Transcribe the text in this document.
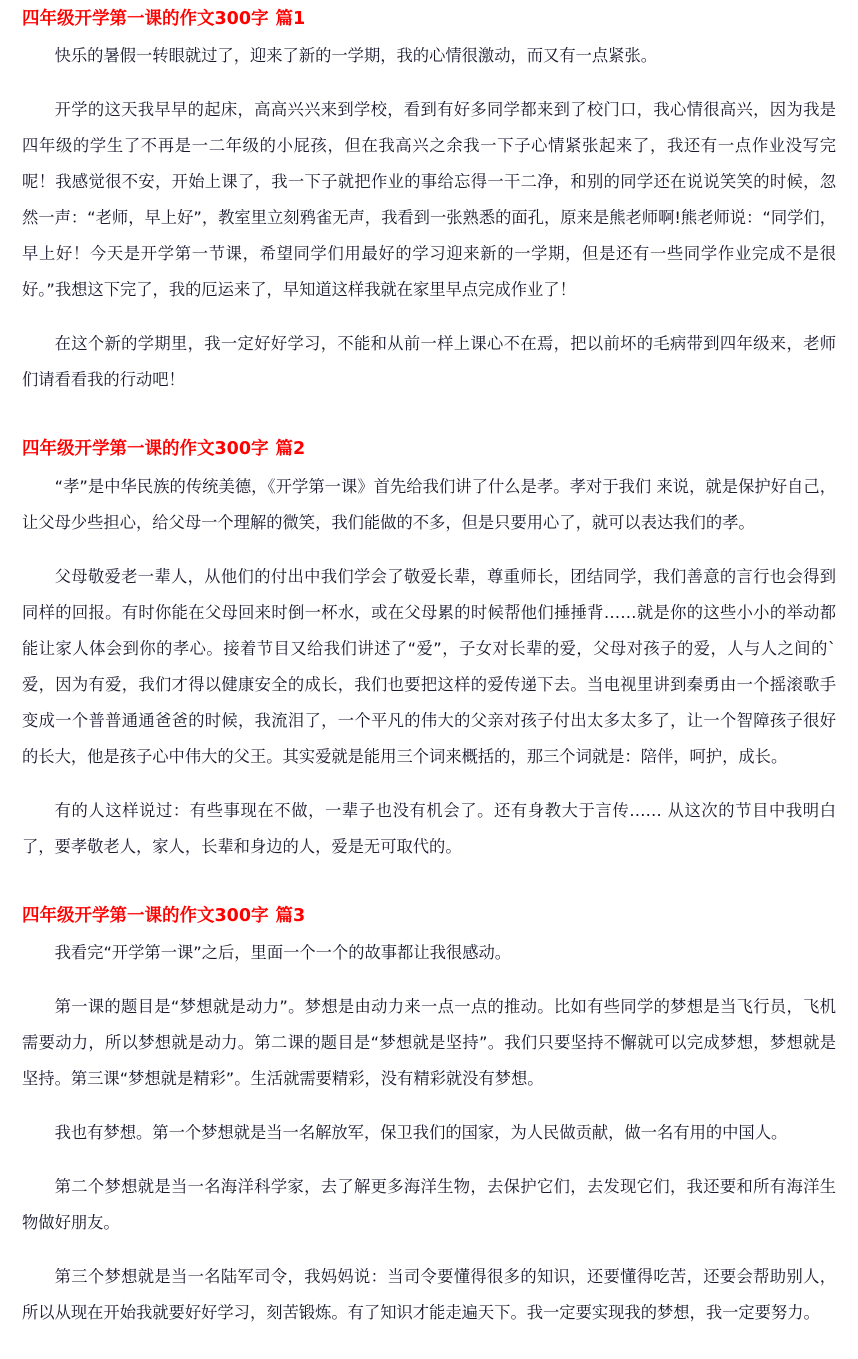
四年级开学第一课的作文300字 篇1

快乐的暑假一转眼就过了，迎来了新的一学期，我的心情很激动，而又有一点紧张。

开学的这天我早早的起床，高高兴兴来到学校，看到有好多同学都来到了校门口，我心情很高兴，因为我是四年级的学生了不再是一二年级的小屁孩，但在我高兴之余我一下子心情紧张起来了，我还有一点作业没写完呢！我感觉很不安，开始上课了，我一下子就把作业的事给忘得一干二净，和别的同学还在说说笑笑的时候，忽然一声：“老师，早上好”，教室里立刻鸦雀无声，我看到一张熟悉的面孔，原来是熊老师啊!熊老师说：“同学们，早上好！今天是开学第一节课，希望同学们用最好的学习迎来新的一学期，但是还有一些同学作业完成不是很好。”我想这下完了，我的厄运来了，早知道这样我就在家里早点完成作业了！

在这个新的学期里，我一定好好学习，不能和从前一样上课心不在焉，把以前坏的毛病带到四年级来，老师们请看看我的行动吧！

四年级开学第一课的作文300字 篇2

“孝”是中华民族的传统美德，《开学第一课》首先给我们讲了什么是孝。孝对于我们 来说，就是保护好自己，让父母少些担心，给父母一个理解的微笑，我们能做的不多，但是只要用心了，就可以表达我们的孝。

父母敬爱老一辈人，从他们的付出中我们学会了敬爱长辈，尊重师长，团结同学，我们善意的言行也会得到同样的回报。有时你能在父母回来时倒一杯水，或在父母累的时候帮他们捶捶背……就是你的这些小小的举动都能让家人体会到你的孝心。接着节目又给我们讲述了“爱”，子女对长辈的爱，父母对孩子的爱，人与人之间的`爱，因为有爱，我们才得以健康安全的成长，我们也要把这样的爱传递下去。当电视里讲到秦勇由一个摇滚歌手变成一个普普通通爸爸的时候，我流泪了，一个平凡的伟大的父亲对孩子付出太多太多了，让一个智障孩子很好的长大，他是孩子心中伟大的父王。其实爱就是能用三个词来概括的，那三个词就是：陪伴，呵护，成长。

有的人这样说过：有些事现在不做，一辈子也没有机会了。还有身教大于言传…… 从这次的节目中我明白了，要孝敬老人，家人，长辈和身边的人，爱是无可取代的。

四年级开学第一课的作文300字 篇3

我看完“开学第一课”之后，里面一个一个的故事都让我很感动。

第一课的题目是“梦想就是动力”。梦想是由动力来一点一点的推动。比如有些同学的梦想是当飞行员，飞机需要动力，所以梦想就是动力。第二课的题目是“梦想就是坚持”。我们只要坚持不懈就可以完成梦想，梦想就是坚持。第三课“梦想就是精彩”。生活就需要精彩，没有精彩就没有梦想。

我也有梦想。第一个梦想就是当一名解放军，保卫我们的国家，为人民做贡献，做一名有用的中国人。

第二个梦想就是当一名海洋科学家，去了解更多海洋生物，去保护它们，去发现它们，我还要和所有海洋生物做好朋友。

第三个梦想就是当一名陆军司令，我妈妈说：当司令要懂得很多的知识，还要懂得吃苦，还要会帮助别人，所以从现在开始我就要好好学习，刻苦锻炼。有了知识才能走遍天下。我一定要实现我的梦想，我一定要努力。
